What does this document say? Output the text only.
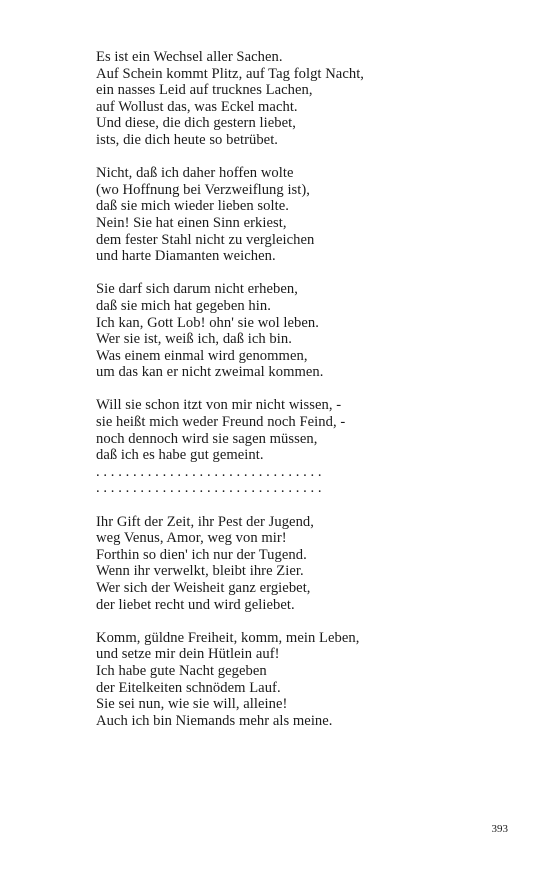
Es ist ein Wechsel aller Sachen.
Auf Schein kommt Plitz, auf Tag folgt Nacht,
ein nasses Leid auf trucknes Lachen,
auf Wollust das, was Eckel macht.
Und diese, die dich gestern liebet,
ists, die dich heute so betrübet.
Nicht, daß ich daher hoffen wolte
(wo Hoffnung bei Verzweiflung ist),
daß sie mich wieder lieben solte.
Nein! Sie hat einen Sinn erkiest,
dem fester Stahl nicht zu vergleichen
und harte Diamanten weichen.
Sie darf sich darum nicht erheben,
daß sie mich hat gegeben hin.
Ich kan, Gott Lob! ohn' sie wol leben.
Wer sie ist, weiß ich, daß ich bin.
Was einem einmal wird genommen,
um das kan er nicht zweimal kommen.
Will sie schon itzt von mir nicht wissen, -
sie heißt mich weder Freund noch Feind, -
noch dennoch wird sie sagen müssen,
daß ich es habe gut gemeint.
. . . . . . . . . . . . . . . . . . . . . . . . . . . . . . .
. . . . . . . . . . . . . . . . . . . . . . . . . . . . . . .
Ihr Gift der Zeit, ihr Pest der Jugend,
weg Venus, Amor, weg von mir!
Forthin so dien' ich nur der Tugend.
Wenn ihr verwelkt, bleibt ihre Zier.
Wer sich der Weisheit ganz ergiebet,
der liebet recht und wird geliebet.
Komm, güldne Freiheit, komm, mein Leben,
und setze mir dein Hütlein auf!
Ich habe gute Nacht gegeben
der Eitelkeiten schnödem Lauf.
Sie sei nun, wie sie will, alleine!
Auch ich bin Niemands mehr als meine.
393
